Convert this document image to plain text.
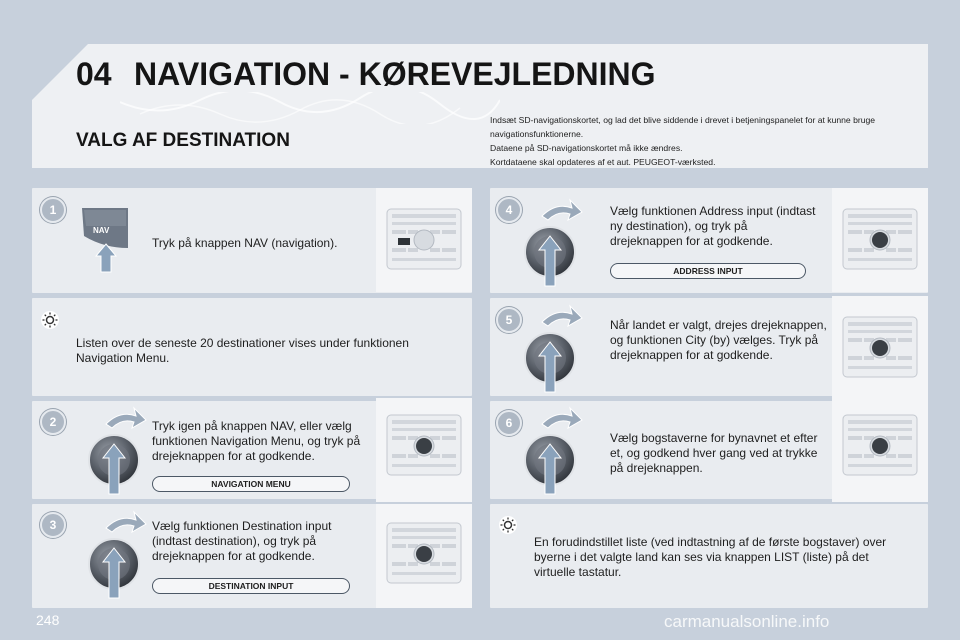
04 NAVIGATION - KØREVEJLEDNING
VALG AF DESTINATION
Indsæt SD-navigationskortet, og lad det blive siddende i drevet i betjeningspanelet for at kunne bruge
navigationsfunktionerne.
Dataene på SD-navigationskortet må ikke ændres.
Kortdataene skal opdateres af et aut. PEUGEOT-værksted.
1
NAV
Tryk på knappen NAV (navigation).
Listen over de seneste 20 destinationer vises under funktionen Navigation Menu.
2	Tryk igen på knappen NAV, eller vælg funktionen Navigation Menu, og tryk på drejeknappen for at godkende.
NAVIGATION MENU
3	Vælg funktionen Destination input (indtast destination), og tryk på drejeknappen for at godkende.
DESTINATION INPUT
4	Vælg funktionen Address input (indtast ny destination), og tryk på drejeknappen for at godkende.
ADDRESS INPUT
5	Når landet er valgt, drejes drejeknappen, og funktionen City (by) vælges. Tryk på drejeknappen for at godkende.
6
Vælg bogstaverne for bynavnet et efter et, og godkend hver gang ved at trykke på drejeknappen.
En forudindstillet liste (ved indtastning af de første bogstaver) over byerne i det valgte land kan ses via knappen LIST (liste) på det virtuelle tastatur.
248	carmanualsonline.info
